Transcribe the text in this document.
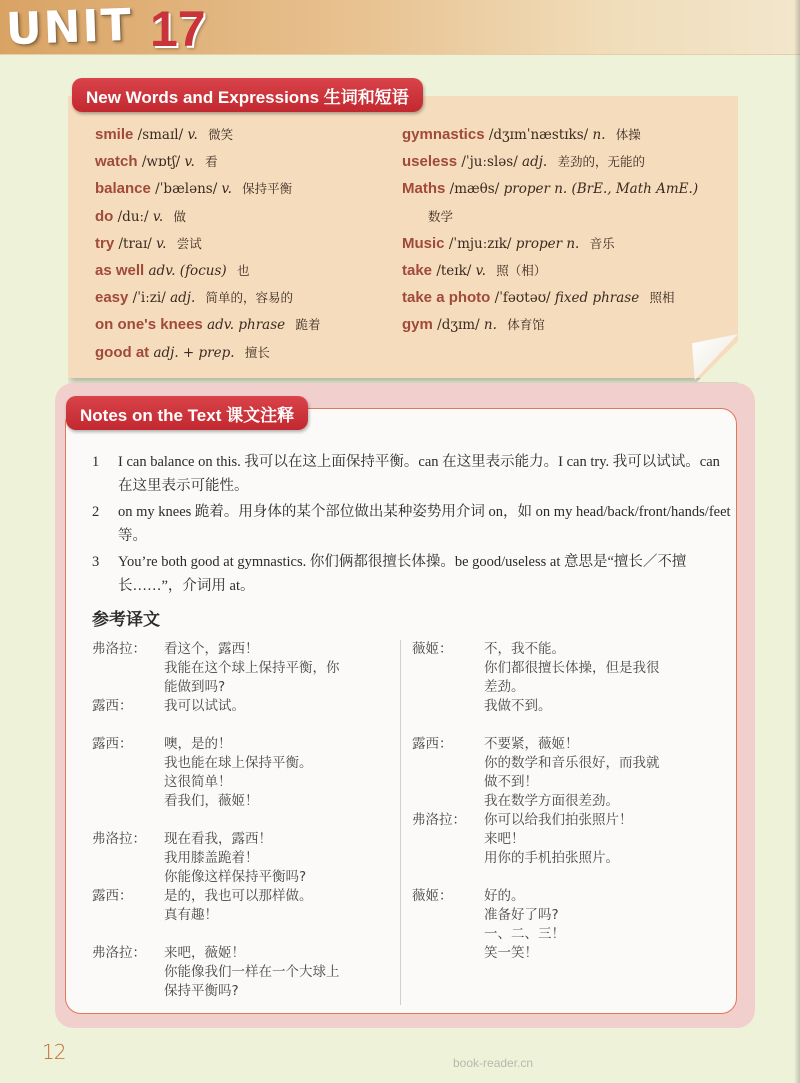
UNIT 17
New Words and Expressions 生词和短语
smile /smaɪl/ v. 微笑
watch /wɒtʃ/ v. 看
balance /ˈbæləns/ v. 保持平衡
do /duː/ v. 做
try /traɪ/ v. 尝试
as well adv. (focus) 也
easy /ˈiːzi/ adj. 简单的，容易的
on one's knees adv. phrase 跪着
good at adj. + prep. 擅长
gymnastics /dʒɪmˈnæstɪks/ n. 体操
useless /ˈjuːsləs/ adj. 差劲的，无能的
Maths /mæθs/ proper n. (BrE., Math AmE.)
数学
Music /ˈmjuːzɪk/ proper n. 音乐
take /teɪk/ v. 照（相）
take a photo /ˈfəʊtəʊ/ fixed phrase 照相
gym /dʒɪm/ n. 体育馆
Notes on the Text 课文注释
1	I can balance on this. 我可以在这上面保持平衡。can 在这里表示能力。I can try. 我可以试试。can 在这里表示可能性。
2	on my knees 跪着。用身体的某个部位做出某种姿势用介词 on，如 on my head/back/front/hands/feet 等。
3	You’re both good at gymnastics. 你们俩都很擅长体操。be good/useless at 意思是“擅长／不擅长……”，介词用 at。
参考译文
弗洛拉：	看这个，露西！
我能在这个球上保持平衡，你
能做到吗?
露西：	我可以试试。
露西：	噢，是的！
我也能在球上保持平衡。
这很简单！
看我们，薇姬！
弗洛拉：	现在看我，露西！
我用膝盖跪着！
你能像这样保持平衡吗?
露西：	是的，我也可以那样做。
真有趣！
弗洛拉：	来吧，薇姬！
你能像我们一样在一个大球上
保持平衡吗?
薇姬：	不，我不能。
你们都很擅长体操，但是我很
差劲。
我做不到。
露西：	不要紧，薇姬！
你的数学和音乐很好，而我就
做不到！
我在数学方面很差劲。
弗洛拉：	你可以给我们拍张照片！
来吧！
用你的手机拍张照片。
薇姬：	好的。
准备好了吗?
一、二、三！
笑一笑！
12	book-reader.cn
